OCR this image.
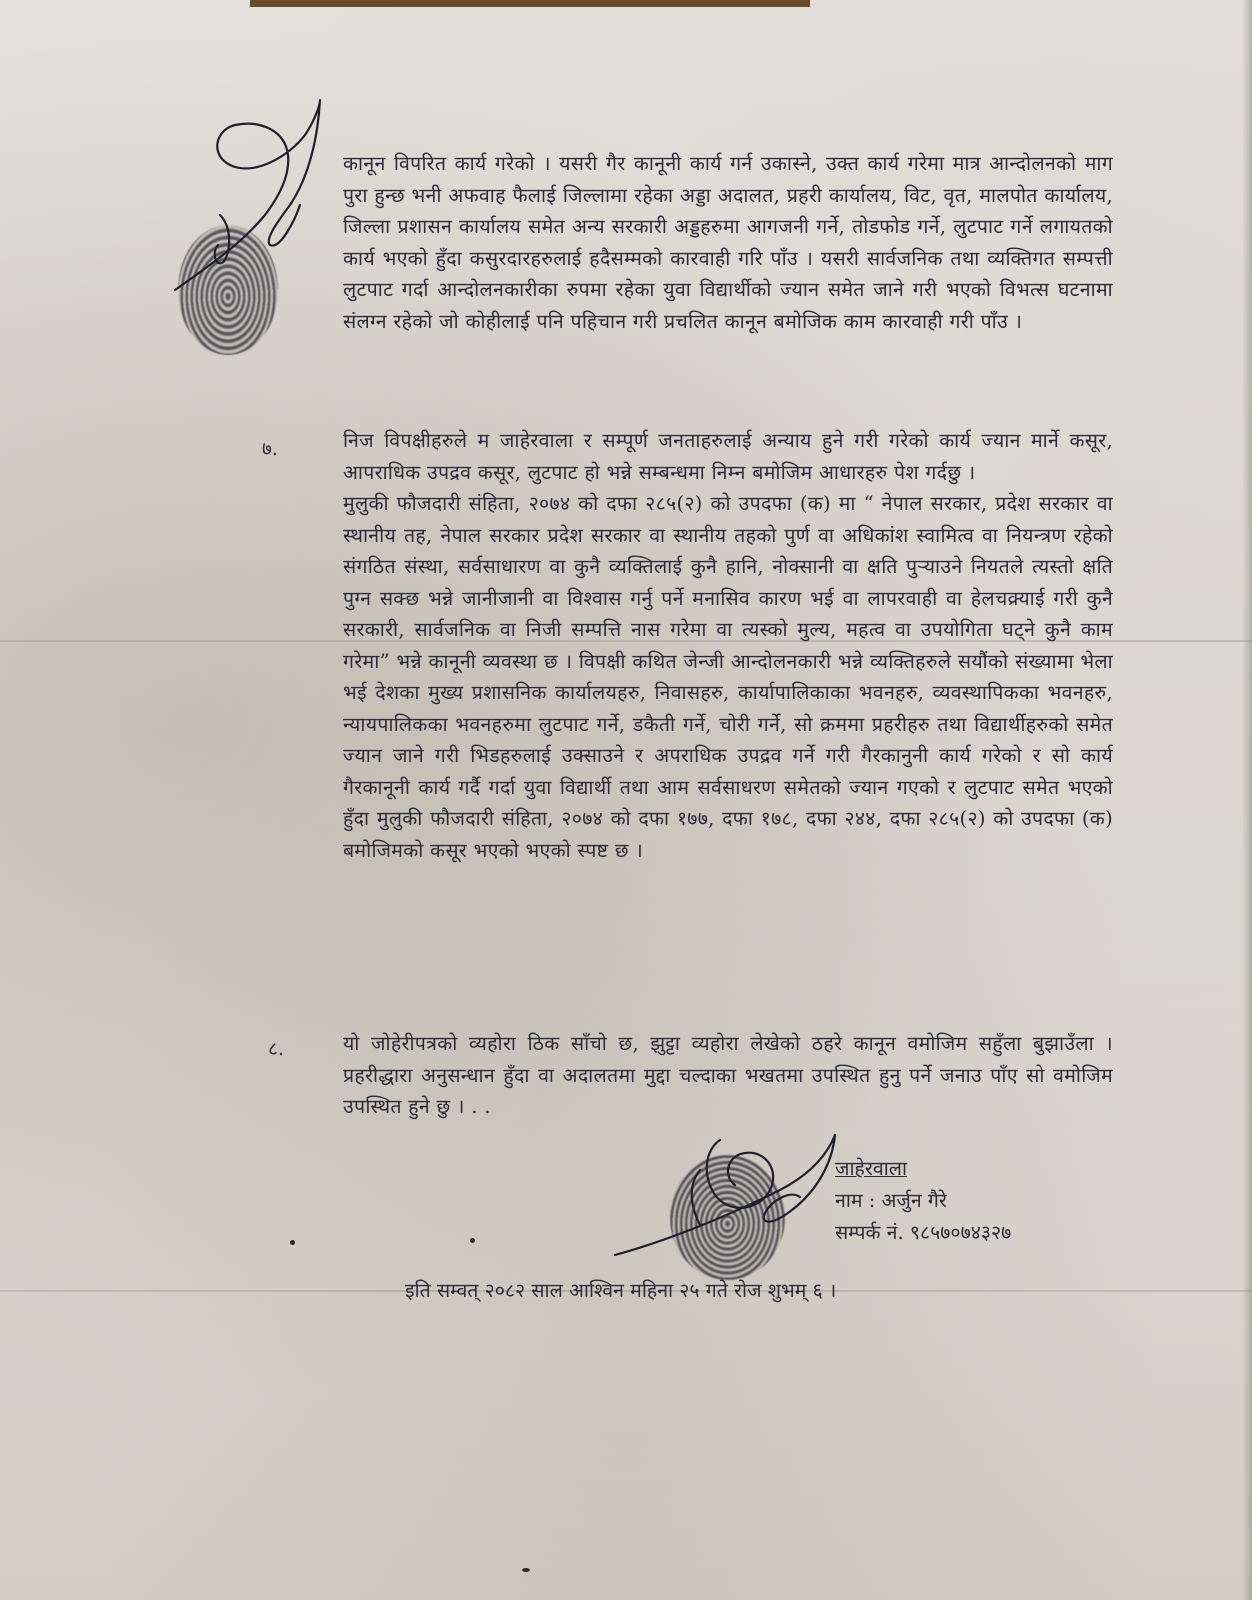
कानून विपरित कार्य गरेको । यसरी गैर कानूनी कार्य गर्न उकास्ने, उक्त कार्य गरेमा मात्र आन्दोलनको माग पुरा हुन्छ भनी अफवाह फैलाई जिल्लामा रहेका अड्डा अदालत, प्रहरी कार्यालय, विट, वृत, मालपोत कार्यालय, जिल्ला प्रशासन कार्यालय समेत अन्य सरकारी अड्डहरुमा आगजनी गर्ने, तोडफोड गर्ने, लुटपाट गर्ने लगायतको कार्य भएको हुँदा कसुरदारहरुलाई हदैसम्मको कारवाही गरि पाँउ । यसरी सार्वजनिक तथा व्यक्तिगत सम्पत्ती लुटपाट गर्दा आन्दोलनकारीका रुपमा रहेका युवा विद्यार्थीको ज्यान समेत जाने गरी भएको विभत्स घटनामा संलग्न रहेको जो कोहीलाई पनि पहिचान गरी प्रचलित कानून बमोजिक काम कारवाही गरी पाँउ ।

७.	निज विपक्षीहरुले म जाहेरवाला र सम्पूर्ण जनताहरुलाई अन्याय हुने गरी गरेको कार्य ज्यान मार्ने कसूर, आपराधिक उपद्रव कसूर, लुटपाट हो भन्ने सम्बन्धमा निम्न बमोजिम आधारहरु पेश गर्दछु ।

मुलुकी फौजदारी संहिता, २०७४ को दफा २८५(२) को उपदफा (क) मा “ नेपाल सरकार, प्रदेश सरकार वा स्थानीय तह, नेपाल सरकार प्रदेश सरकार वा स्थानीय तहको पुर्ण वा अधिकांश स्वामित्व वा नियन्त्रण रहेको संगठित संस्था, सर्वसाधारण वा कुनै व्यक्तिलाई कुनै हानि, नोक्सानी वा क्षति पुर्‍याउने नियतले त्यस्तो क्षति पुग्न सक्छ भन्ने जानीजानी वा विश्वास गर्नु पर्ने मनासिव कारण भई वा लापरवाही वा हेलचक्र्याई गरी कुनै सरकारी, सार्वजनिक वा निजी सम्पत्ति नास गरेमा वा त्यस्को मुल्य, महत्व वा उपयोगिता घट्ने कुनै काम गरेमा” भन्ने कानूनी व्यवस्था छ । विपक्षी कथित जेन्जी आन्दोलनकारी भन्ने व्यक्तिहरुले सयौंको संख्यामा भेला भई देशका मुख्य प्रशासनिक कार्यालयहरु, निवासहरु, कार्यापालिकाका भवनहरु, व्यवस्थापिकका भवनहरु, न्यायपालिकका भवनहरुमा लुटपाट गर्ने, डकैती गर्ने, चोरी गर्ने, सो क्रममा प्रहरीहरु तथा विद्यार्थीहरुको समेत ज्यान जाने गरी भिडहरुलाई उक्साउने र अपराधिक उपद्रव गर्ने गरी गैरकानुनी कार्य गरेको र सो कार्य गैरकानूनी कार्य गर्दै गर्दा युवा विद्यार्थी तथा आम सर्वसाधरण समेतको ज्यान गएको र लुटपाट समेत भएको हुँदा मुलुकी फौजदारी संहिता, २०७४ को दफा १७७, दफा १७८, दफा २४४, दफा २८५(२) को उपदफा (क) बमोजिमको कसूर भएको भएको स्पष्ट छ ।

८.	यो जोहेरीपत्रको व्यहोरा ठिक साँचो छ, झुट्टा व्यहोरा लेखेको ठहरे कानून वमोजिम सहुँला बुझाउँला । प्रहरीद्धारा अनुसन्धान हुँदा वा अदालतमा मुद्दा चल्दाका भखतमा उपस्थित हुनु पर्ने जनाउ पाँए सो वमोजिम उपस्थित हुने छु । . .

जाहेरवाला
नाम : अर्जुन गैरे
सम्पर्क नं. ९८५७०७४३२७
इति सम्वत् २०८२ साल आश्विन महिना २५ गते रोज शुभम् ६ ।
